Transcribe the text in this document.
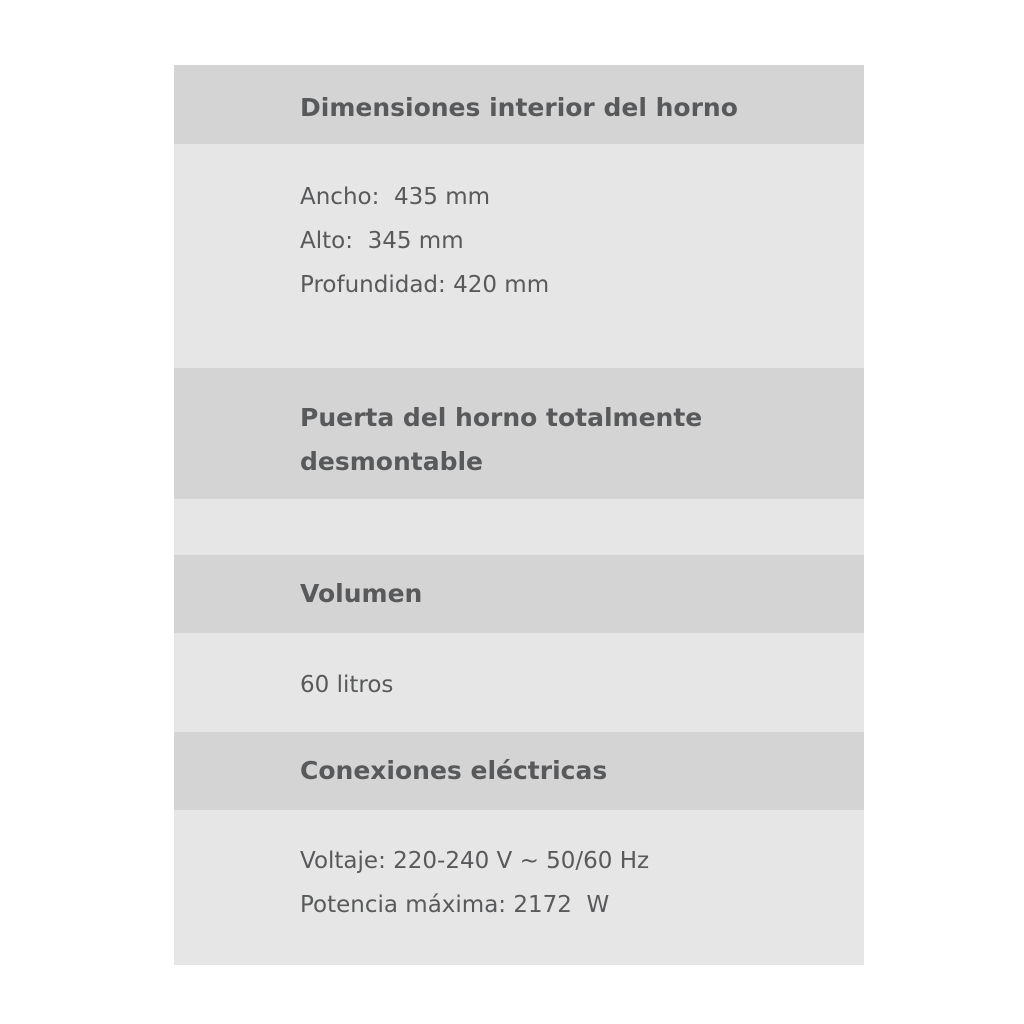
Dimensiones interior del horno

Ancho:  435 mm

Alto:  345 mm

Profundidad: 420 mm

Puerta del horno totalmente
desmontable
Volumen

60 litros

Conexiones eléctricas

Voltaje: 220-240 V ~ 50/60 Hz

Potencia máxima: 2172  W
